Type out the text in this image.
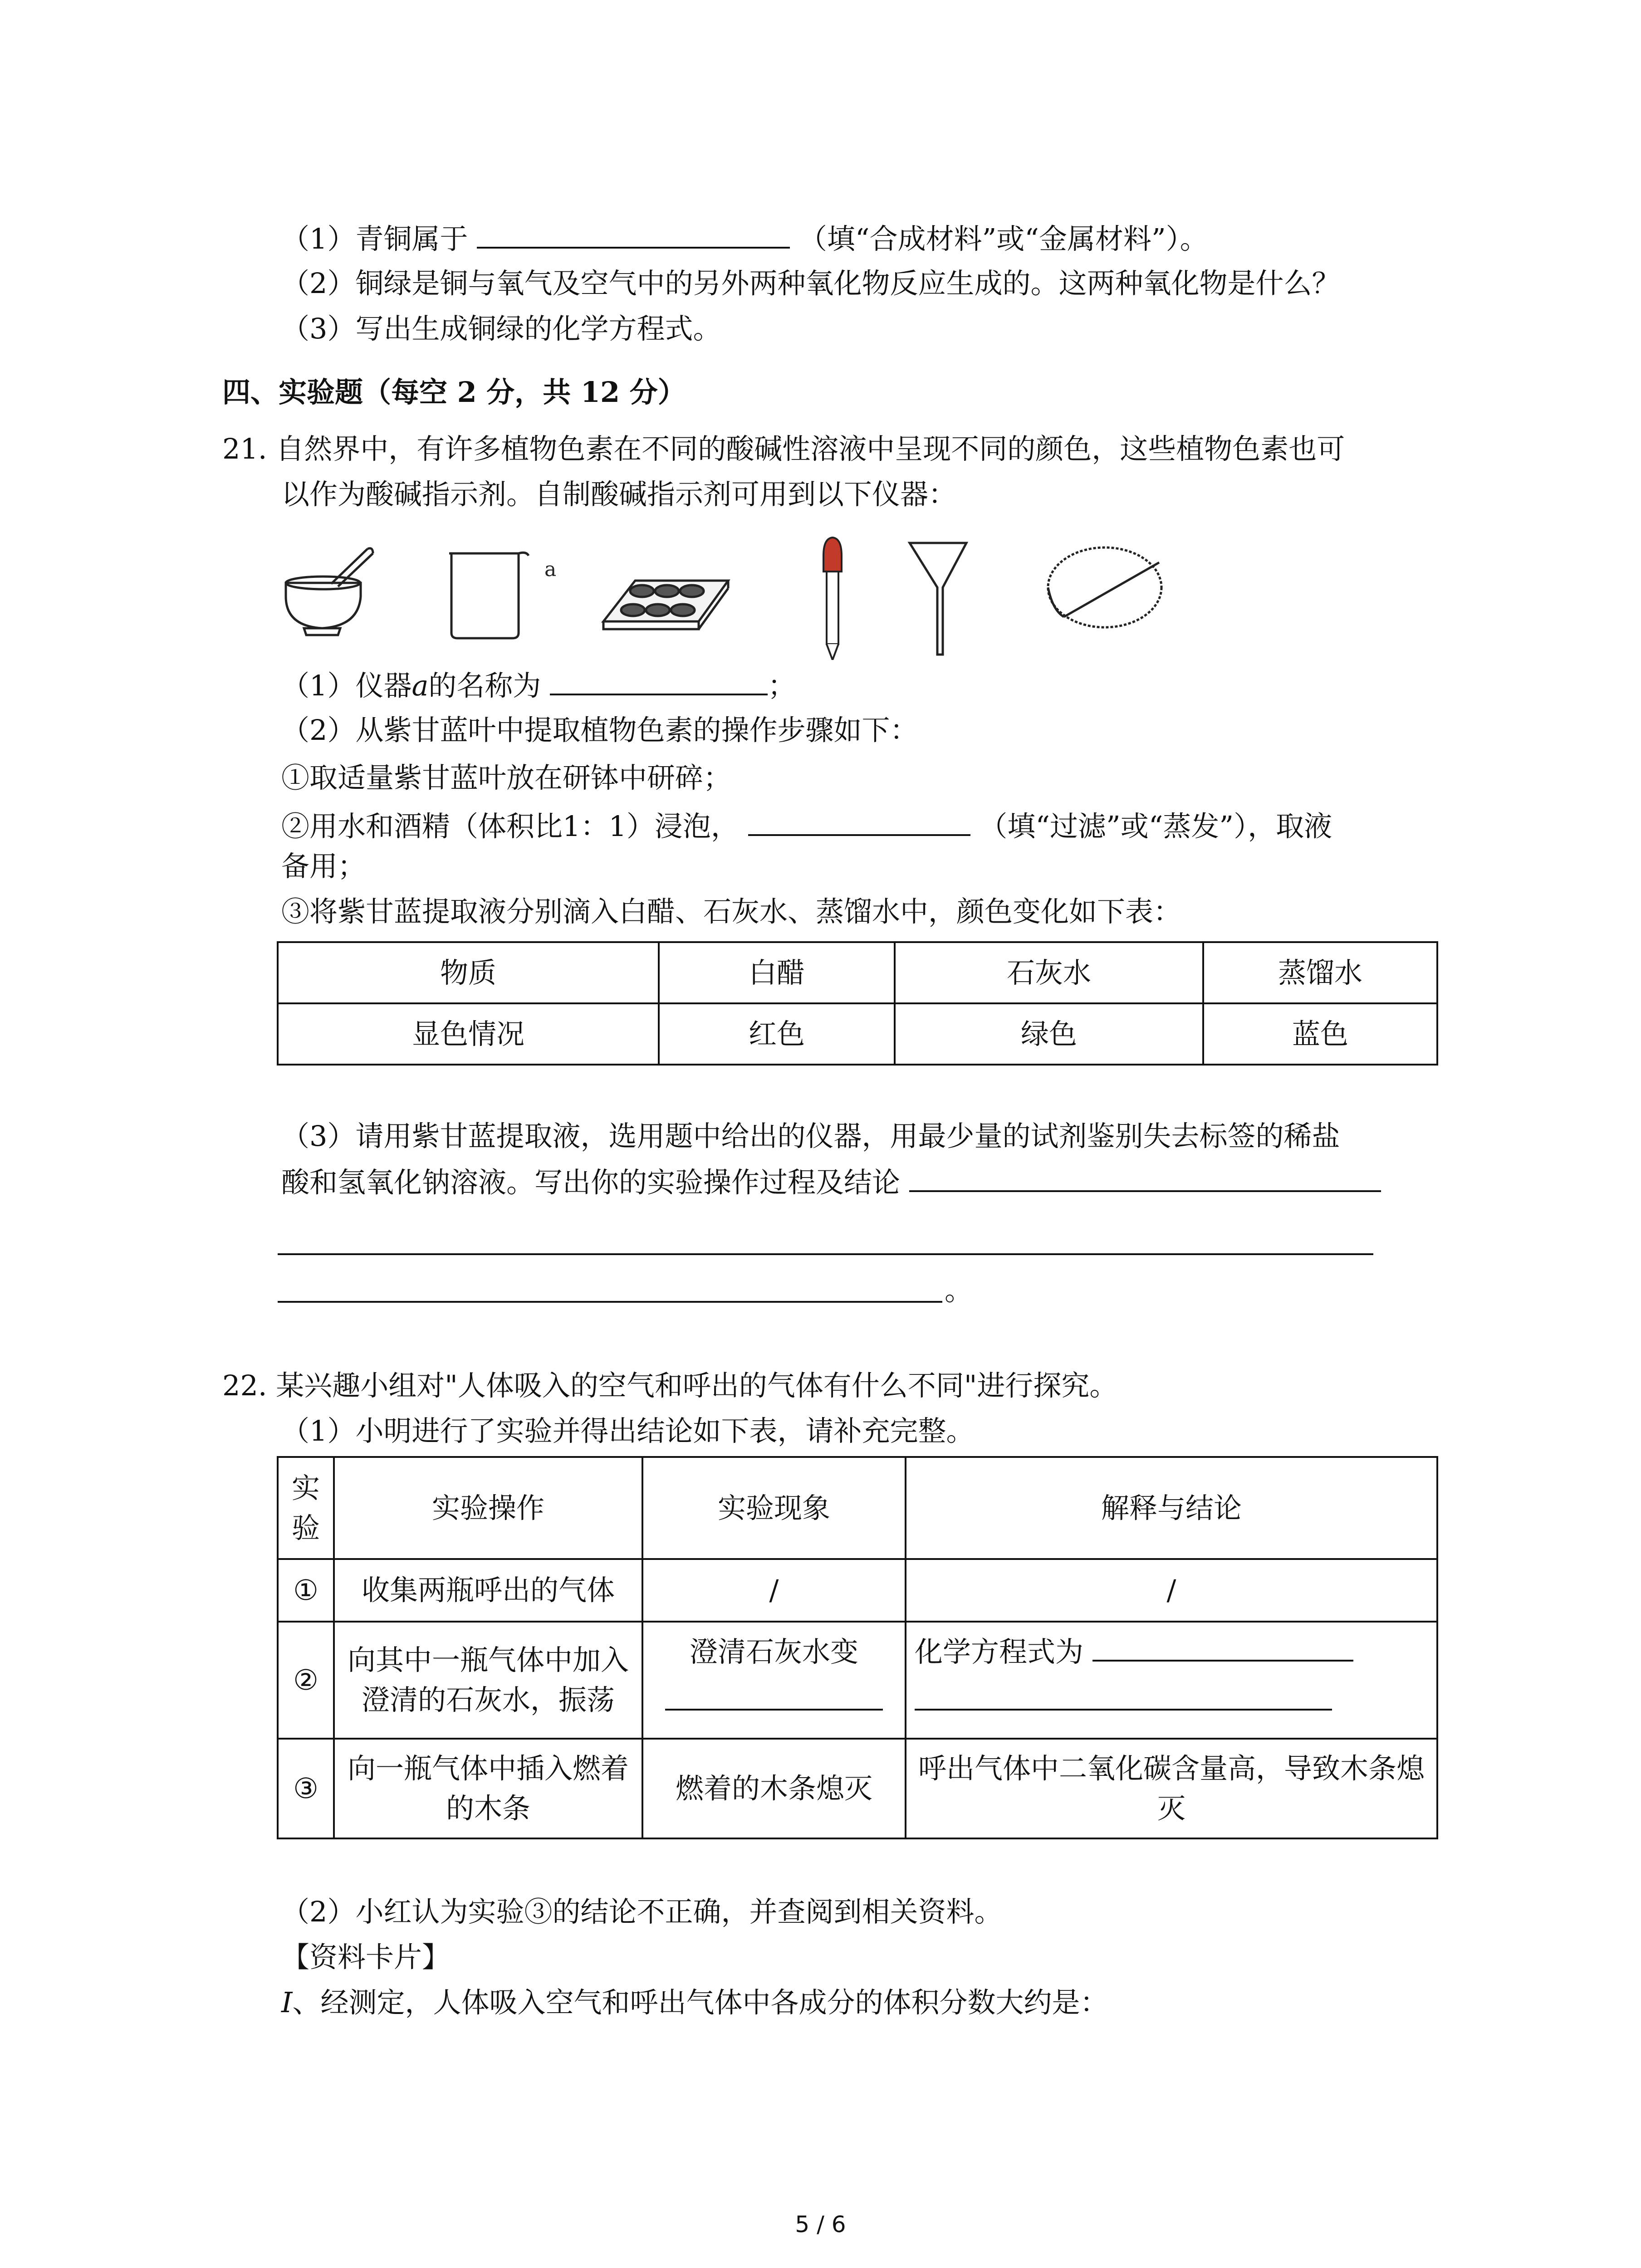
（1）青铜属于	（填“合成材料”或“金属材料”）。
（2）铜绿是铜与氧气及空气中的另外两种氧化物反应生成的。这两种氧化物是什么？
（3）写出生成铜绿的化学方程式。
四、实验题（每空 2 分，共 12 分）
21. 自然界中，有许多植物色素在不同的酸碱性溶液中呈现不同的颜色，这些植物色素也可
以作为酸碱指示剂。自制酸碱指示剂可用到以下仪器：
a
（1）仪器a的名称为	；
（2）从紫甘蓝叶中提取植物色素的操作步骤如下：
①取适量紫甘蓝叶放在研钵中研碎；
②用水和酒精（体积比1：1）浸泡，	（填“过滤”或“蒸发”），取液
备用；
③将紫甘蓝提取液分别滴入白醋、石灰水、蒸馏水中，颜色变化如下表：
物质	白醋	石灰水	蒸馏水
显色情况	红色	绿色	蓝色
（3）请用紫甘蓝提取液，选用题中给出的仪器，用最少量的试剂鉴别失去标签的稀盐
酸和氢氧化钠溶液。写出你的实验操作过程及结论
。
22. 某兴趣小组对"人体吸入的空气和呼出的气体有什么不同"进行探究。
（1）小明进行了实验并得出结论如下表，请补充完整。
实验	实验操作	实验现象	解释与结论
①	收集两瓶呼出的气体	/	/
②	向其中一瓶气体中加入澄清的石灰水，振荡	澄清石灰水变	化学方程式为
③	向一瓶气体中插入燃着的木条	燃着的木条熄灭	呼出气体中二氧化碳含量高，导致木条熄灭
（2）小红认为实验③的结论不正确，并查阅到相关资料。
【资料卡片】
I、经测定，人体吸入空气和呼出气体中各成分的体积分数大约是：
5 / 6
